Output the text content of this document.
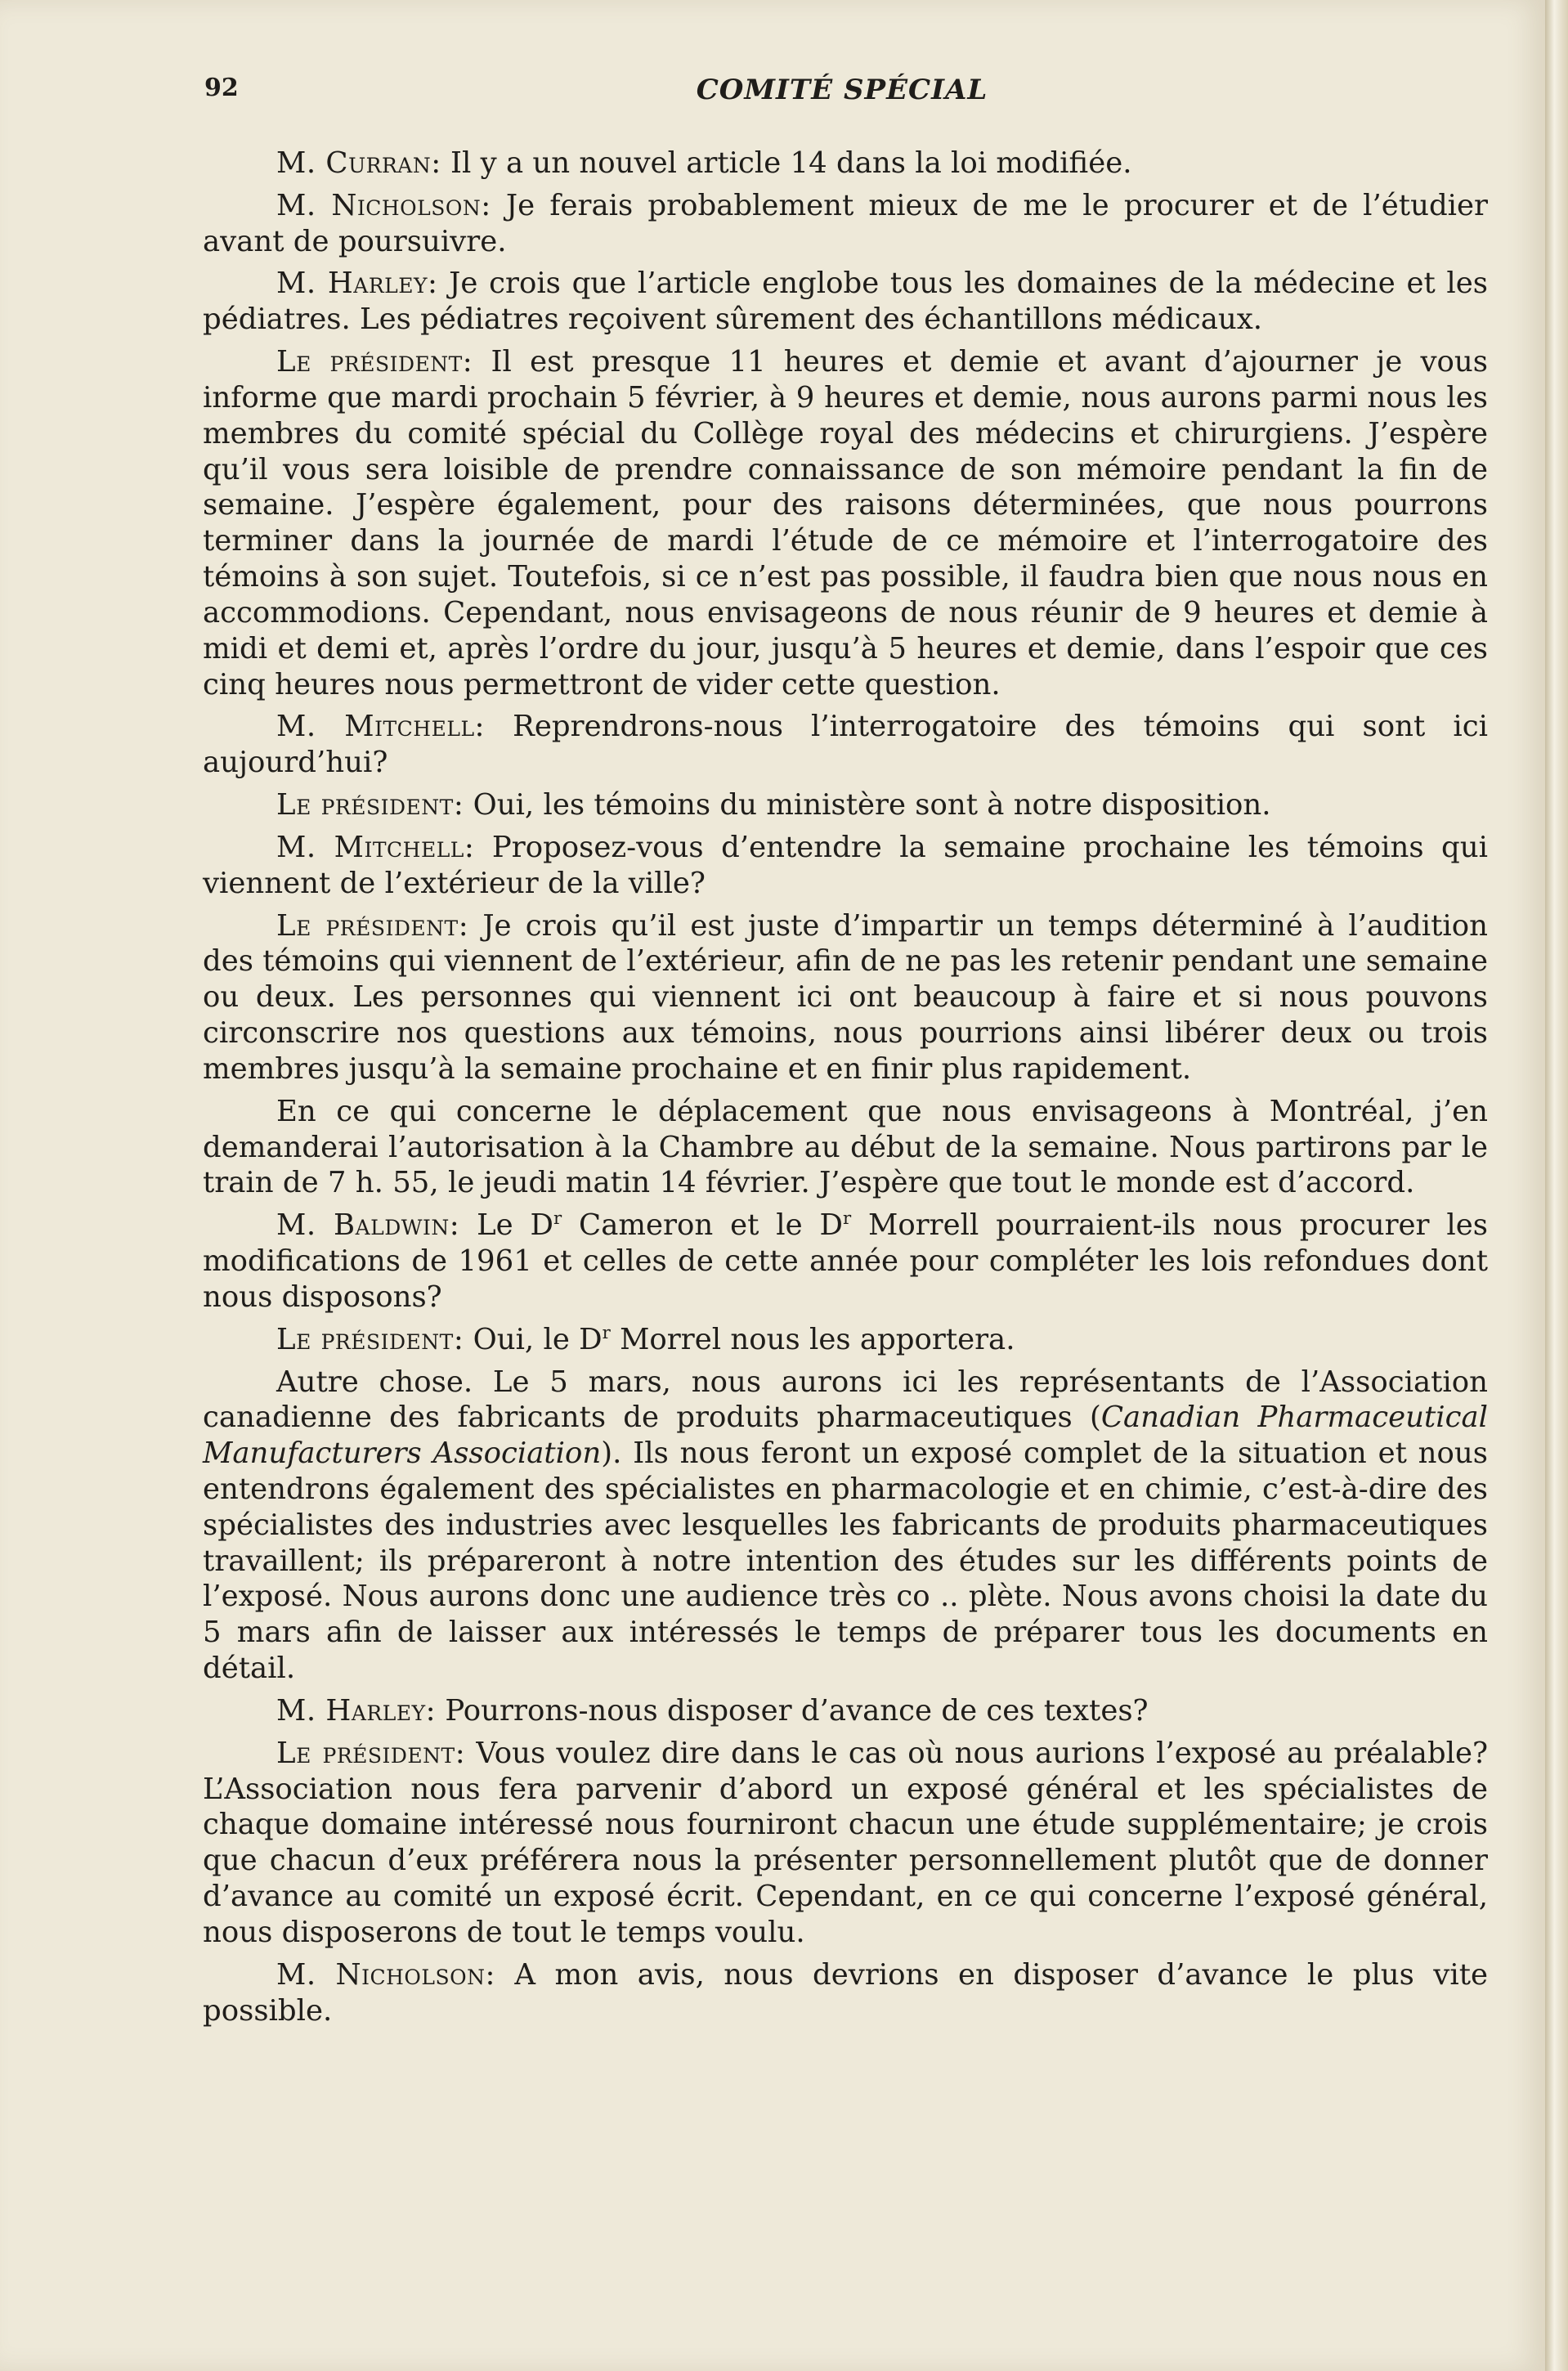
92	COMITÉ SPÉCIAL

M. Curran: Il y a un nouvel article 14 dans la loi modifiée.

M. Nicholson: Je ferais probablement mieux de me le procurer et de l’étudier avant de poursuivre.

M. Harley: Je crois que l’article englobe tous les domaines de la médecine et les pédiatres. Les pédiatres reçoivent sûrement des échantillons médicaux.

Le président: Il est presque 11 heures et demie et avant d’ajourner je vous informe que mardi prochain 5 février, à 9 heures et demie, nous aurons parmi nous les membres du comité spécial du Collège royal des médecins et chirurgiens. J’espère qu’il vous sera loisible de prendre connaissance de son mémoire pendant la fin de semaine. J’espère également, pour des raisons déterminées, que nous pourrons terminer dans la journée de mardi l’étude de ce mémoire et l’interrogatoire des témoins à son sujet. Toutefois, si ce n’est pas possible, il faudra bien que nous nous en accommodions. Cependant, nous envisageons de nous réunir de 9 heures et demie à midi et demi et, après l’ordre du jour, jusqu’à 5 heures et demie, dans l’espoir que ces cinq heures nous permettront de vider cette question.

M. Mitchell: Reprendrons-nous l’interrogatoire des témoins qui sont ici aujourd’hui?

Le président: Oui, les témoins du ministère sont à notre disposition.

M. Mitchell: Proposez-vous d’entendre la semaine prochaine les témoins qui viennent de l’extérieur de la ville?

Le président: Je crois qu’il est juste d’impartir un temps déterminé à l’audition des témoins qui viennent de l’extérieur, afin de ne pas les retenir pendant une semaine ou deux. Les personnes qui viennent ici ont beaucoup à faire et si nous pouvons circonscrire nos questions aux témoins, nous pourrions ainsi libérer deux ou trois membres jusqu’à la semaine prochaine et en finir plus rapidement.

En ce qui concerne le déplacement que nous envisageons à Montréal, j’en demanderai l’autorisation à la Chambre au début de la semaine. Nous partirons par le train de 7 h. 55, le jeudi matin 14 février. J’espère que tout le monde est d’accord.

M. Baldwin: Le $D^r$ Cameron et le $D^r$ Morrell pourraient-ils nous procurer les modifications de 1961 et celles de cette année pour compléter les lois refondues dont nous disposons?

Le président: Oui, le $D^r$ Morrel nous les apportera.

Autre chose. Le 5 mars, nous aurons ici les représentants de l’Association canadienne des fabricants de produits pharmaceutiques (Canadian Pharmaceutical Manufacturers Association). Ils nous feront un exposé complet de la situation et nous entendrons également des spécialistes en pharmacologie et en chimie, c’est-à-dire des spécialistes des industries avec lesquelles les fabricants de produits pharmaceutiques travaillent; ils prépareront à notre intention des études sur les différents points de l’exposé. Nous aurons donc une audience très co .. plète. Nous avons choisi la date du 5 mars afin de laisser aux intéressés le temps de préparer tous les documents en détail.

M. Harley: Pourrons-nous disposer d’avance de ces textes?

Le président: Vous voulez dire dans le cas où nous aurions l’exposé au préalable? L’Association nous fera parvenir d’abord un exposé général et les spécialistes de chaque domaine intéressé nous fourniront chacun une étude supplémentaire; je crois que chacun d’eux préférera nous la présenter personnellement plutôt que de donner d’avance au comité un exposé écrit. Cependant, en ce qui concerne l’exposé général, nous disposerons de tout le temps voulu.

M. Nicholson: A mon avis, nous devrions en disposer d’avance le plus vite possible.
